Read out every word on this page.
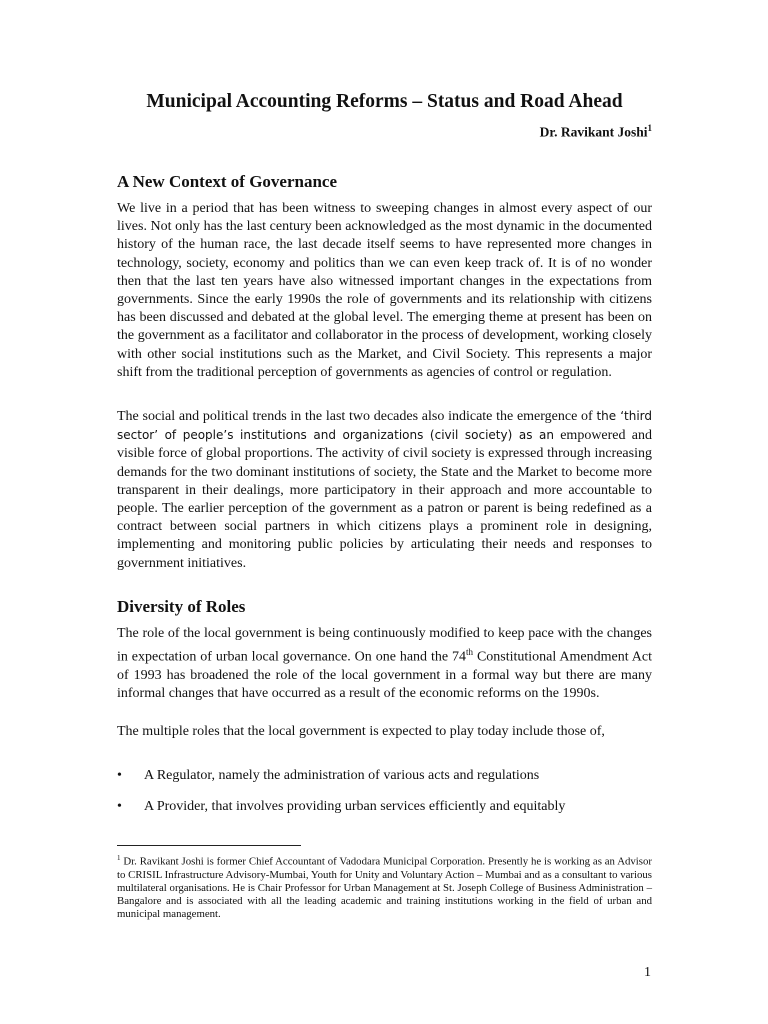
Municipal Accounting Reforms – Status and Road Ahead

Dr. Ravikant Joshi$^1$

A New Context of Governance

We live in a period that has been witness to sweeping changes in almost every aspect of our lives. Not only has the last century been acknowledged as the most dynamic in the documented history of the human race, the last decade itself seems to have represented more changes in technology, society, economy and politics than we can even keep track of. It is of no wonder then that the last ten years have also witnessed important changes in the expectations from governments. Since the early 1990s the role of governments and its relationship with citizens has been discussed and debated at the global level. The emerging theme at present has been on the government as a facilitator and collaborator in the process of development, working closely with other social institutions such as the Market, and Civil Society. This represents a major shift from the traditional perception of governments as agencies of control or regulation.

The social and political trends in the last two decades also indicate the emergence of the ‘third sector’ of people’s institutions and organizations (civil society) as an empowered and visible force of global proportions. The activity of civil society is expressed through increasing demands for the two dominant institutions of society, the State and the Market to become more transparent in their dealings, more participatory in their approach and more accountable to people. The earlier perception of the government as a patron or parent is being redefined as a contract between social partners in which citizens plays a prominent role in designing, implementing and monitoring public policies by articulating their needs and responses to government initiatives.

Diversity of Roles

The role of the local government is being continuously modified to keep pace with the changes in expectation of urban local governance. On one hand the 74th Constitutional Amendment Act of 1993 has broadened the role of the local government in a formal way but there are many informal changes that have occurred as a result of the economic reforms on the 1990s.

The multiple roles that the local government is expected to play today include those of,

• A Regulator, namely the administration of various acts and regulations
• A Provider, that involves providing urban services efficiently and equitably

$^1$ Dr. Ravikant Joshi is former Chief Accountant of Vadodara Municipal Corporation. Presently he is working as an Advisor to CRISIL Infrastructure Advisory-Mumbai, Youth for Unity and Voluntary Action – Mumbai and as a consultant to various multilateral organisations. He is Chair Professor for Urban Management at St. Joseph College of Business Administration – Bangalore and is associated with all the leading academic and training institutions working in the field of urban and municipal management.

1
